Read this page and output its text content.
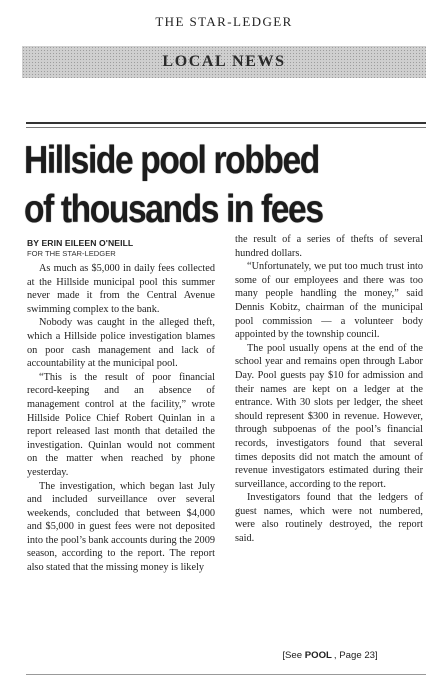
THE STAR-LEDGER
LOCAL NEWS
Hillside pool robbed
of thousands in fees
BY ERIN EILEEN O'NEILL
FOR THE STAR-LEDGER

As much as $5,000 in daily fees collected at the Hillside municipal pool this summer never made it from the Central Avenue swimming complex to the bank.

Nobody was caught in the alleged theft, which a Hillside police investigation blames on poor cash management and lack of accountability at the municipal pool.

“This is the result of poor financial record-keeping and an absence of management control at the facility,” wrote Hillside Police Chief Robert Quinlan in a report released last month that detailed the investigation. Quinlan would not comment on the matter when reached by phone yesterday.

The investigation, which began last July and included surveillance over several weekends, concluded that between $4,000 and $5,000 in guest fees were not deposited into the pool’s bank accounts during the 2009 season, according to the report. The report also stated that the missing money is likely

the result of a series of thefts of several hundred dollars.

“Unfortunately, we put too much trust into some of our employees and there was too many people handling the money,” said Dennis Kobitz, chairman of the municipal pool commission — a volunteer body appointed by the township council.

The pool usually opens at the end of the school year and remains open through Labor Day. Pool guests pay $10 for admission and their names are kept on a ledger at the entrance. With 30 slots per ledger, the sheet should represent $300 in revenue. However, through subpoenas of the pool’s financial records, investigators found that several times deposits did not match the amount of revenue investigators estimated during their surveillance, according to the report.

Investigators found that the ledgers of guest names, which were not numbered, were also routinely destroyed, the report said.

[See POOL , Page 23]
